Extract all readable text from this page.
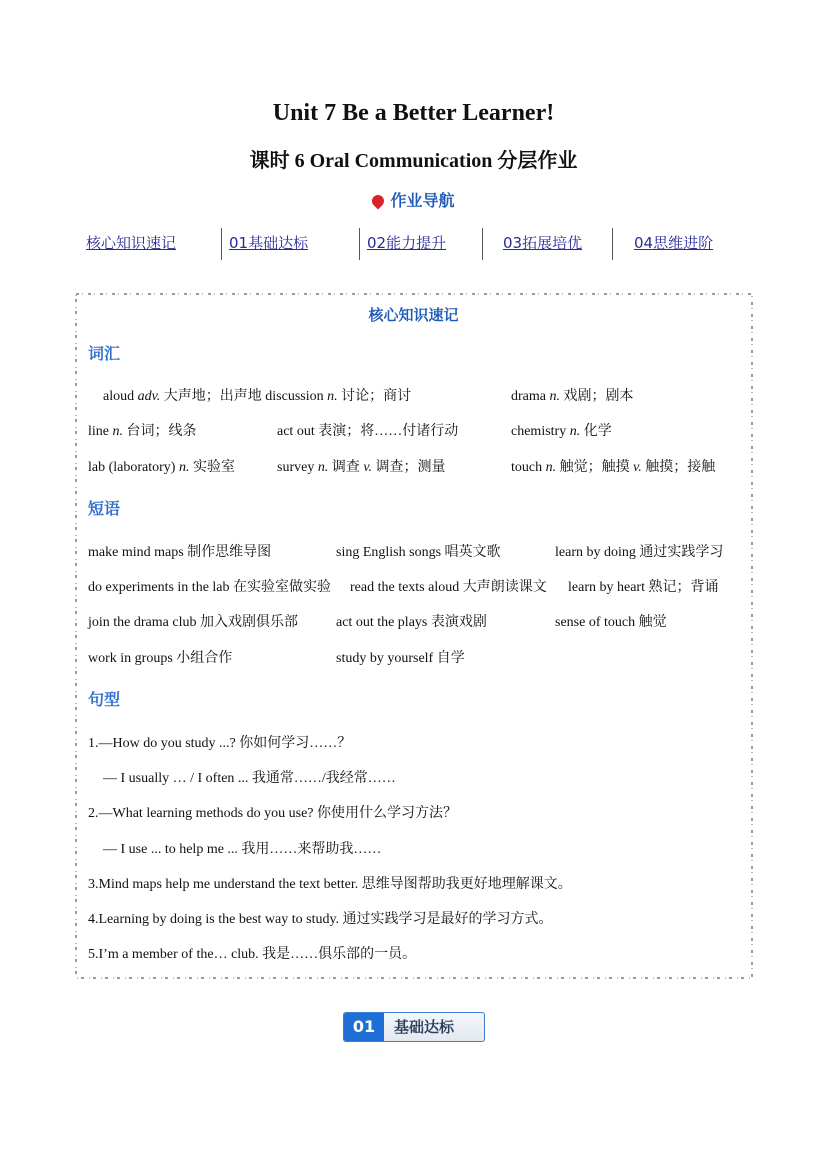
Unit 7 Be a Better Learner!
课时 6 Oral Communication 分层作业
作业导航
核心知识速记	01基础达标	02能力提升	03拓展培优	04思维进阶
核心知识速记
词汇
aloud adv. 大声地；出声地 discussion n. 讨论；商讨	drama n. 戏剧；剧本
line n. 台词；线条	act out 表演；将……付诸行动	chemistry n. 化学
lab (laboratory) n. 实验室	survey n. 调查 v. 调查；测量	touch n. 触觉；触摸 v. 触摸；接触
短语
make mind maps 制作思维导图	sing English songs 唱英文歌	learn by doing 通过实践学习
do experiments in the lab 在实验室做实验 read the texts aloud 大声朗读课文 learn by heart 熟记；背诵
join the drama club 加入戏剧俱乐部	act out the plays 表演戏剧	sense of touch 触觉
work in groups 小组合作	study by yourself 自学
句型
1.—How do you study ...? 你如何学习……？
— I usually … / I often ... 我通常……/我经常……
2.—What learning methods do you use? 你使用什么学习方法？
— I use ... to help me ... 我用……来帮助我……
3.Mind maps help me understand the text better. 思维导图帮助我更好地理解课文。
4.Learning by doing is the best way to study. 通过实践学习是最好的学习方式。
5.I’m a member of the… club. 我是……俱乐部的一员。
01	基础达标
